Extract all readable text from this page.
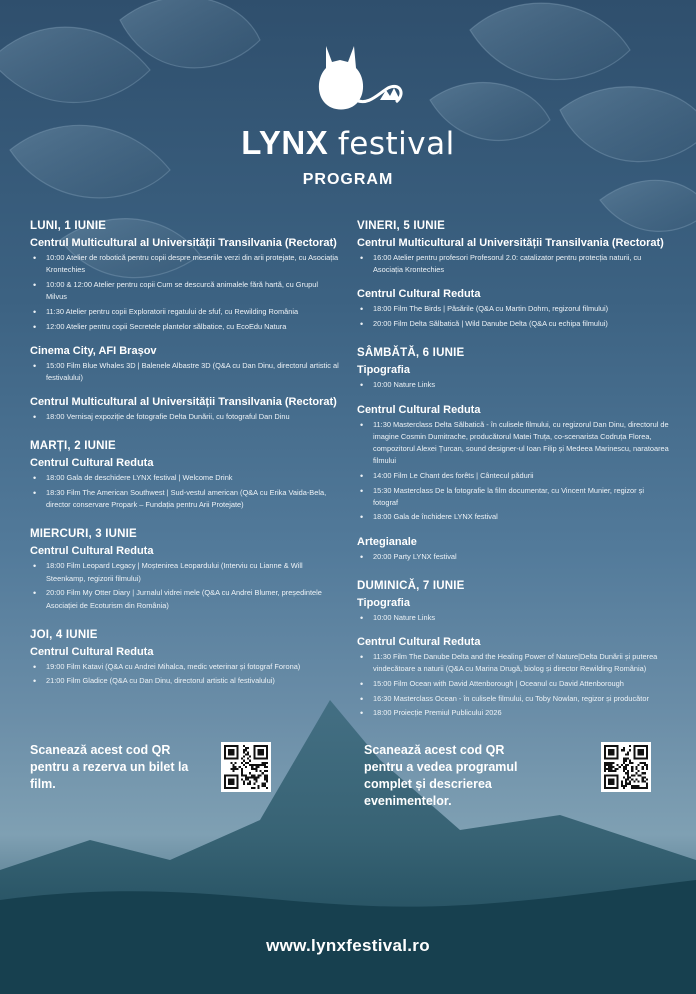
LYNX festival
PROGRAM
LUNI, 1 IUNIE
Centrul Multicultural al Universității Transilvania (Rectorat)
• 10:00 Atelier de robotică pentru copii despre meseriile verzi din arii protejate, cu Asociația Krontechies
• 10:00 & 12:00 Atelier pentru copii Cum se descurcă animalele fără hartă, cu Grupul Milvus
• 11:30 Atelier pentru copii Exploratorii regatului de sfuf, cu Rewilding România
• 12:00 Atelier pentru copii Secretele plantelor sălbatice, cu EcoEdu Natura
Cinema City, AFI Brașov
• 15:00 Film Blue Whales 3D | Balenele Albastre 3D (Q&A cu Dan Dinu, directorul artistic al festivalului)
Centrul Multicultural al Universității Transilvania (Rectorat)
• 18:00 Vernisaj expoziție de fotografie Delta Dunării, cu fotograful Dan Dinu
MARȚI, 2 IUNIE
Centrul Cultural Reduta
• 18:00 Gala de deschidere LYNX festival | Welcome Drink
• 18:30 Film The American Southwest | Sud-vestul american (Q&A cu Erika Vaida-Bela, director conservare Propark – Fundația pentru Arii Protejate)
MIERCURI, 3 IUNIE
Centrul Cultural Reduta
• 18:00 Film Leopard Legacy | Moștenirea Leopardului (Interviu cu Lianne & Will Steenkamp, regizorii filmului)
• 20:00 Film My Otter Diary | Jurnalul vidrei mele (Q&A cu Andrei Blumer, președintele Asociației de Ecoturism din România)
JOI, 4 IUNIE
Centrul Cultural Reduta
• 19:00 Film Katavi (Q&A cu Andrei Mihalca, medic veterinar și fotograf Forona)
• 21:00 Film Gladice (Q&A cu Dan Dinu, directorul artistic al festivalului)
VINERI, 5 IUNIE
Centrul Multicultural al Universității Transilvania (Rectorat)
• 16:00 Atelier pentru profesori Profesorul 2.0: catalizator pentru protecția naturii, cu Asociația Krontechies
Centrul Cultural Reduta
• 18:00 Film The Birds | Păsările (Q&A cu Martin Dohrn, regizorul filmului)
• 20:00 Film Delta Sălbatică | Wild Danube Delta (Q&A cu echipa filmului)
SÂMBĂTĂ, 6 IUNIE
Tipografia
• 10:00 Nature Links
Centrul Cultural Reduta
• 11:30 Masterclass Delta Sălbatică - în culisele filmului, cu regizorul Dan Dinu, directorul de imagine Cosmin Dumitrache, producătorul Matei Truța, co-scenarista Codruța Florea, compozitorul Alexei Țurcan, sound designer-ul Ioan Filip și Medeea Marinescu, naratoarea filmului
• 14:00 Film Le Chant des forêts | Cântecul pădurii
• 15:30 Masterclass De la fotografie la film documentar, cu Vincent Munier, regizor și fotograf
• 18:00 Gala de închidere LYNX festival
Artegianale
• 20:00 Party LYNX festival
DUMINICĂ, 7 IUNIE
Tipografia
• 10:00 Nature Links
Centrul Cultural Reduta
• 11:30 Film The Danube Delta and the Healing Power of Nature|Delta Dunării și puterea vindecătoare a naturii (Q&A cu Marina Drugă, biolog și director Rewilding România)
• 15:00 Film Ocean with David Attenborough | Oceanul cu David Attenborough
• 16:30 Masterclass Ocean - în culisele filmului, cu Toby Nowlan, regizor și producător
• 18:00 Proiecție Premiul Publicului 2026
Scanează acest cod QR pentru a rezerva un bilet la film.
Scanează acest cod QR pentru a vedea programul complet și descrierea evenimentelor.
www.lynxfestival.ro
